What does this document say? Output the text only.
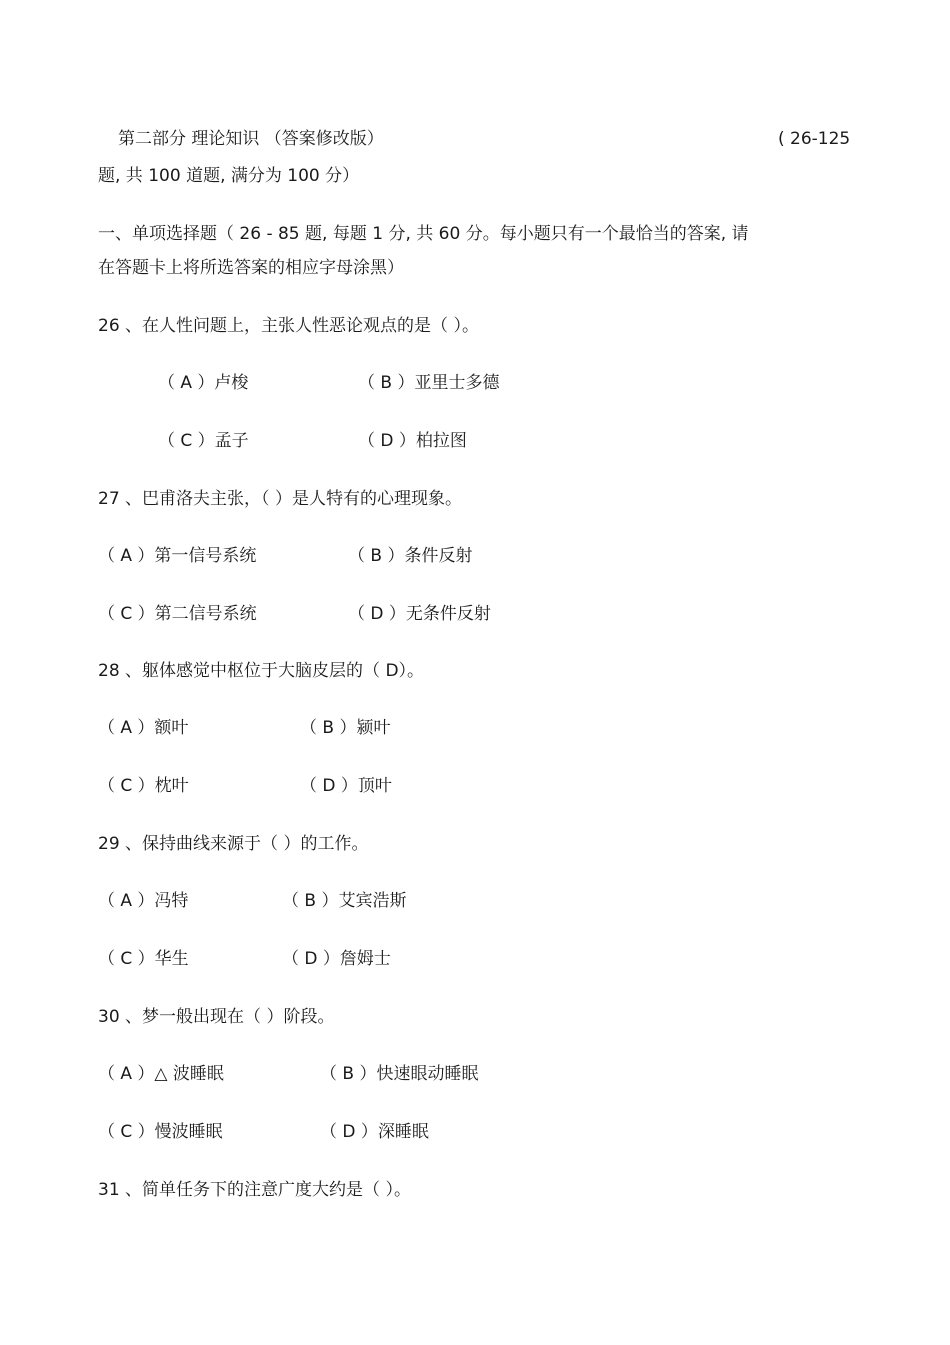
第二部分 理论知识 （答案修改版）	( 26-125
题, 共 100 道题, 满分为 100 分）
一、单项选择题（ 26 - 85 题, 每题 1 分, 共 60 分。每小题只有一个最恰当的答案, 请
在答题卡上将所选答案的相应字母涂黑）
26 、在人性问题上，主张人性恶论观点的是（ ）。
（ A ）卢梭	（ B ）亚里士多德
（ C ）孟子	（ D ）柏拉图
27 、巴甫洛夫主张，（ ）是人特有的心理现象。
（ A ）第一信号系统	（ B ）条件反射
（ C ）第二信号系统	（ D ）无条件反射
28 、躯体感觉中枢位于大脑皮层的（ D）。
（ A ）额叶	（ B ）颍叶
（ C ）枕叶	（ D ）顶叶
29 、保持曲线来源于（ ）的工作。
（ A ）冯特	（ B ）艾宾浩斯
（ C ）华生	（ D ）詹姆士
30 、梦一般出现在（ ）阶段。
（ A ）△ 波睡眠	（ B ）快速眼动睡眠
（ C ）慢波睡眠	（ D ）深睡眠
31 、简单任务下的注意广度大约是（ ）。
